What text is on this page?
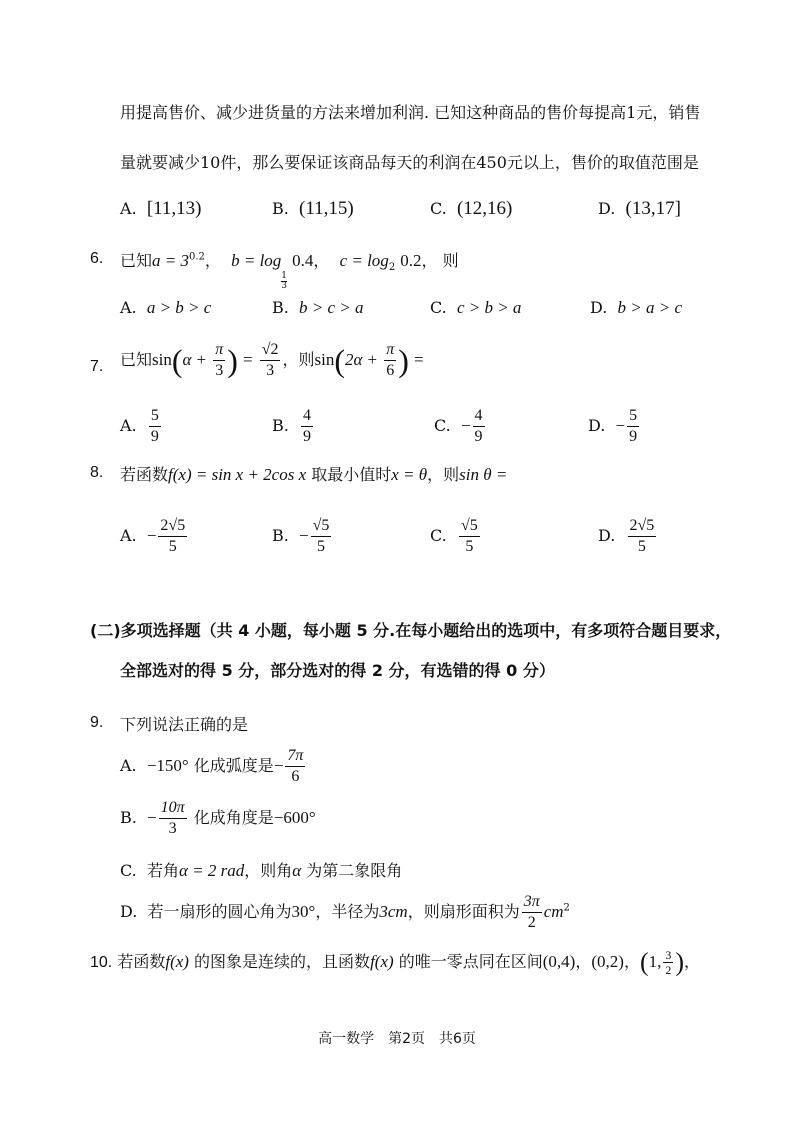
用提高售价、减少进货量的方法来增加利润. 已知这种商品的售价每提高1元，销售
量就要减少10件，那么要保证该商品每天的利润在450元以上，售价的取值范围是
A. [11,13)	B. (11,15)	C. (12,16)	D. (13,17]
6. 已知$a = 3^{0.2}$，  b = log
$\frac{1}{3}$
0.4，  $c = \log_2 0.2$， 则
A. a > b > c	B. b > c > a	C. c > b > a	D. b > a > c
7. 已知$\sin(\alpha + \frac{\pi}{3}$ ) = $\frac{√2}{3}$ ，则$\sin(2\alpha + \frac{\pi}{6}$ ) =
A. $\frac{5}{9}$	B. $\frac{4}{9}$	C. − $\frac{4}{9}$	D. − $\frac{5}{9}$
8. 若函数f(x) = sin x + 2cos x 取最小值时x = θ，则sin θ =
A. − $\frac{2√5}{5}$	B. − $\frac{√5}{5}$	C. $\frac{√5}{5}$	D. $\frac{2√5}{5}$
(二)多项选择题（共 4 小题，每小题 5 分.在每小题给出的选项中，有多项符合题目要求，
全部选对的得 5 分，部分选对的得 2 分，有选错的得 0 分）
9. 下列说法正确的是
A. −150° 化成弧度是− $\frac{7\pi}{6}$
B. − $\frac{10\pi}{3}$ 化成角度是−600°
C. 若角α = 2 rad，则角α 为第二象限角
D. 若一扇形的圆心角为30°，半径为3cm，则扇形面积为 $\frac{3\pi}{2} cm^2$
10. 若函数f(x) 的图象是连续的，且函数f(x) 的唯一零点同在区间(0,4)，(0,2)，(1, $\frac{3}{2}$ )，
高一数学　第2页　共6页
